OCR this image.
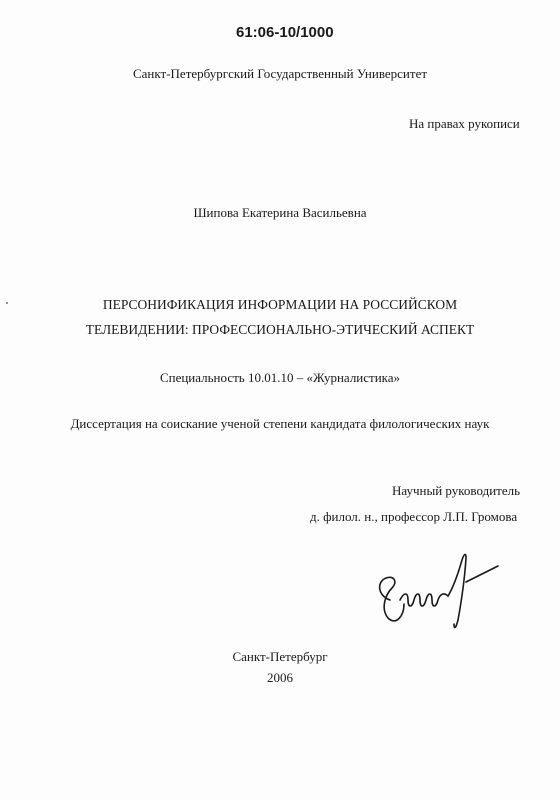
61:06-10/1000
Санкт-Петербургский Государственный Университет
На правах рукописи
Шипова Екатерина Васильевна
ПЕРСОНИФИКАЦИЯ ИНФОРМАЦИИ НА РОССИЙСКОМ
ТЕЛЕВИДЕНИИ: ПРОФЕССИОНАЛЬНО-ЭТИЧЕСКИЙ АСПЕКТ
Специальность 10.01.10 – «Журналистика»
Диссертация на соискание ученой степени кандидата филологических наук
Научный руководитель
д. филол. н., профессор Л.П. Громова
Санкт-Петербург
2006
